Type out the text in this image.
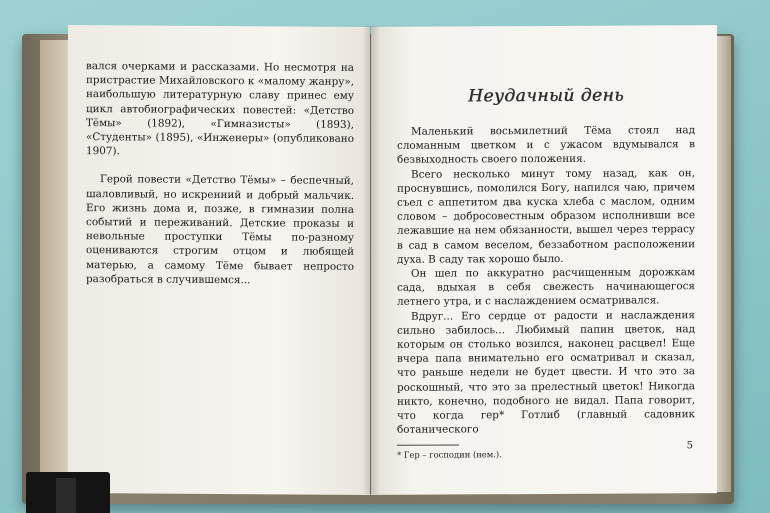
вался очерками и рассказами. Но несмотря на пристрастие Михайловского к «малому жанру», наибольшую литературную славу принес ему цикл автобиографических повестей: «Детство Тёмы» (1892), «Гимназисты» (1893), «Студенты» (1895), «Инженеры» (опубликовано 1907).

Герой повести «Детство Тёмы» – беспечный, шаловливый, но искренний и добрый мальчик. Его жизнь дома и, позже, в гимназии полна событий и переживаний. Детские проказы и невольные проступки Тёмы по-разному оцениваются строгим отцом и любящей матерью, а самому Тёме бывает непросто разобраться в случившемся...

Неудачный день

Маленький восьмилетний Тёма стоял над сломанным цветком и с ужасом вдумывался в безвыходность своего положения.

Всего несколько минут тому назад, как он, проснувшись, помолился Богу, напился чаю, причем съел с аппетитом два куска хлеба с маслом, одним словом – добросовестным образом исполнивши все лежавшие на нем обязанности, вышел через террасу в сад в самом веселом, беззаботном расположении духа. В саду так хорошо было.

Он шел по аккуратно расчищенным дорожкам сада, вдыхая в себя свежесть начинающегося летнего утра, и с наслаждением осматривался.

Вдруг... Его сердце от радости и наслаждения сильно забилось... Любимый папин цветок, над которым он столько возился, наконец расцвел! Еще вчера папа внимательно его осматривал и сказал, что раньше недели не будет цвести. И что это за роскошный, что это за прелестный цветок! Никогда никто, конечно, подобного не видал. Папа говорит, что когда гер* Готлиб (главный садовник ботанического

* Гер – господин (нем.).
5
